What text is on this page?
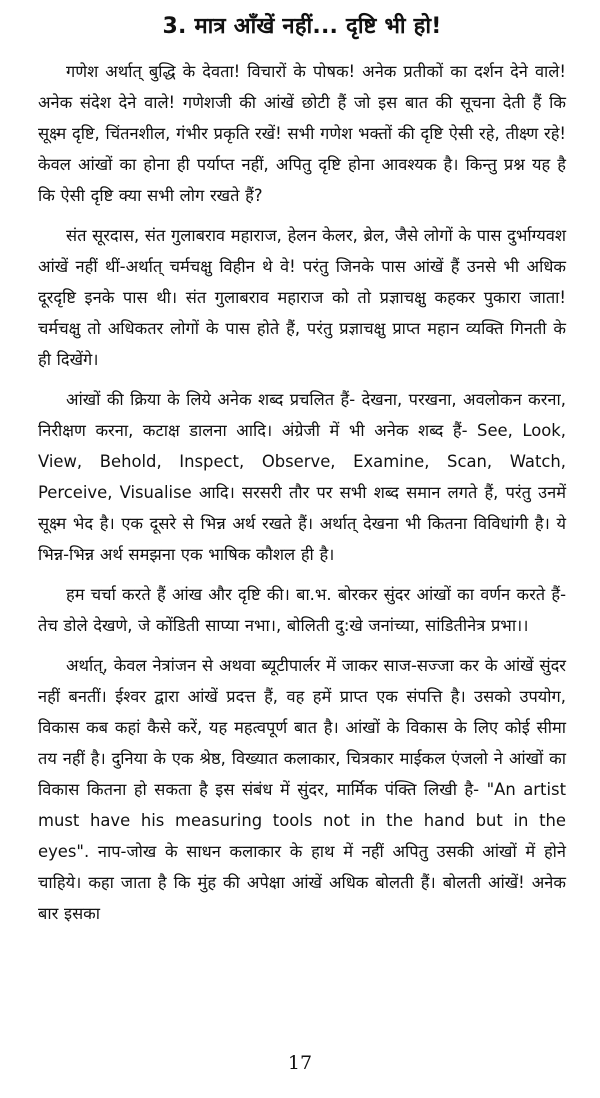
3. मात्र आँखें नहीं... दृष्टि भी हो!

गणेश अर्थात् बुद्धि के देवता! विचारों के पोषक! अनेक प्रतीकों का दर्शन देने वाले! अनेक संदेश देने वाले! गणेशजी की आंखें छोटी हैं जो इस बात की सूचना देती हैं कि सूक्ष्म दृष्टि, चिंतनशील, गंभीर प्रकृति रखें! सभी गणेश भक्तों की दृष्टि ऐसी रहे, तीक्ष्ण रहे! केवल आंखों का होना ही पर्याप्त नहीं, अपितु दृष्टि होना आवश्यक है। किन्तु प्रश्न यह है कि ऐसी दृष्टि क्या सभी लोग रखते हैं?

संत सूरदास, संत गुलाबराव महाराज, हेलन केलर, ब्रेल, जैसे लोगों के पास दुर्भाग्यवश आंखें नहीं थीं-अर्थात् चर्मचक्षु विहीन थे वे! परंतु जिनके पास आंखें हैं उनसे भी अधिक दूरदृष्टि इनके पास थी। संत गुलाबराव महाराज को तो प्रज्ञाचक्षु कहकर पुकारा जाता! चर्मचक्षु तो अधिकतर लोगों के पास होते हैं, परंतु प्रज्ञाचक्षु प्राप्त महान व्यक्ति गिनती के ही दिखेंगे।

आंखों की क्रिया के लिये अनेक शब्द प्रचलित हैं- देखना, परखना, अवलोकन करना, निरीक्षण करना, कटाक्ष डालना आदि। अंग्रेजी में भी अनेक शब्द हैं- See, Look, View, Behold, Inspect, Observe, Examine, Scan, Watch, Perceive, Visualise आदि। सरसरी तौर पर सभी शब्द समान लगते हैं, परंतु उनमें सूक्ष्म भेद है। एक दूसरे से भिन्न अर्थ रखते हैं। अर्थात् देखना भी कितना विविधांगी है। ये भिन्न-भिन्न अर्थ समझना एक भाषिक कौशल ही है।

हम चर्चा करते हैं आंख और दृष्टि की। बा.भ. बोरकर सुंदर आंखों का वर्णन करते हैं- तेच डोले देखणे, जे कोंडिती साप्या नभा।, बोलिती दु:खे जनांच्या, सांडितीनेत्र प्रभा।।

अर्थात्, केवल नेत्रांजन से अथवा ब्यूटीपार्लर में जाकर साज-सज्जा कर के आंखें सुंदर नहीं बनतीं। ईश्वर द्वारा आंखें प्रदत्त हैं, वह हमें प्राप्त एक संपत्ति है। उसको उपयोग, विकास कब कहां कैसे करें, यह महत्वपूर्ण बात है। आंखों के विकास के लिए कोई सीमा तय नहीं है। दुनिया के एक श्रेष्ठ, विख्यात कलाकार, चित्रकार माईकल एंजलो ने आंखों का विकास कितना हो सकता है इस संबंध में सुंदर, मार्मिक पंक्ति लिखी है- "An artist must have his measuring tools not in the hand but in the eyes". नाप-जोख के साधन कलाकार के हाथ में नहीं अपितु उसकी आंखों में होने चाहिये। कहा जाता है कि मुंह की अपेक्षा आंखें अधिक बोलती हैं। बोलती आंखें! अनेक बार इसका

17
